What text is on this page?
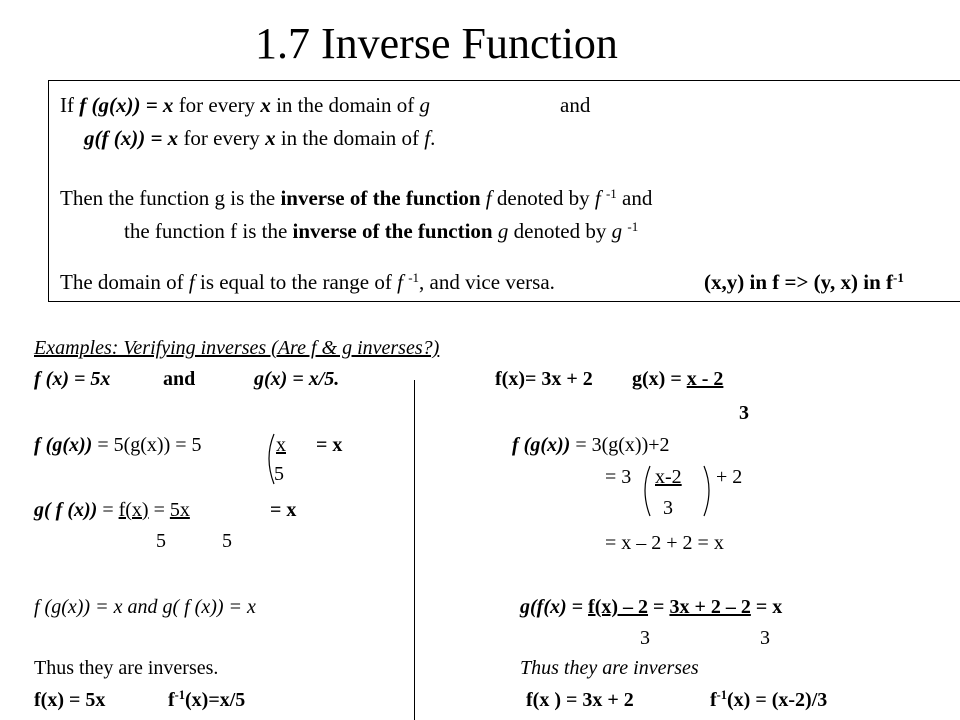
1.7 Inverse Function
If f (g(x)) = x for every x in the domain of g	and
g(f (x)) = x for every x in the domain of f.
Then the function g is the inverse of the function f denoted by f $^{-1}$ and
the function f is the inverse of the function g denoted by g $^{-1}$
The domain of f is equal to the range of f $^{-1}$, and vice versa.	(x,y) in f => (y, x) in $f^{-1}$
Examples: Verifying inverses (Are f & g inverses?)
f (x) = 5x	and	g(x) = x/5.
f (g(x)) = 5(g(x)) = 5	x = x
5
g( f (x)) = f(x) = 5x	= x
5	5
f (g(x)) = x and g( f (x)) = x
Thus they are inverses.
f(x) = 5x	$f^{-1}(x)=x/5$
f(x)= 3x + 2 g(x) = x - 2
3
f (g(x)) = 3(g(x))+2
= 3 x-2 + 2
3
= x – 2 + 2 = x
g(f(x) = f(x) – 2 = 3x + 2 – 2 = x
3	3
Thus they are inverses
f(x ) = 3x + 2	$f^{-1}(x) = (x-2)/3$
